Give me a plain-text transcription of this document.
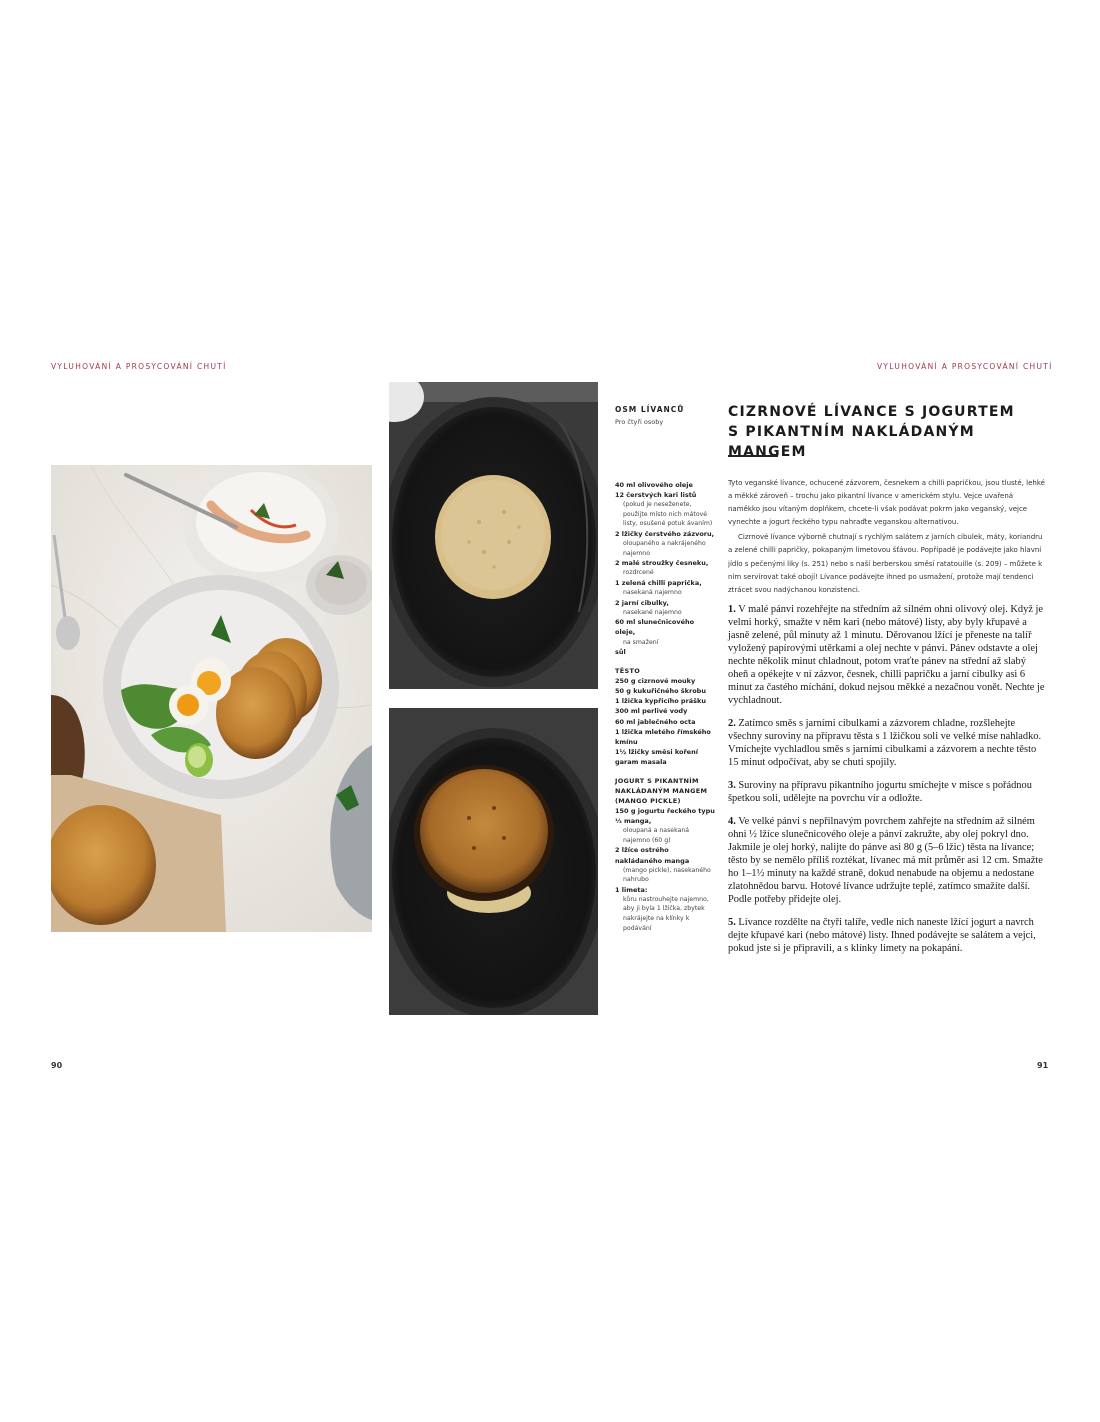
VYLUHOVÁNÍ A PROSYCOVÁNÍ CHUTÍ	VYLUHOVÁNÍ A PROSYCOVÁNÍ CHUTÍ
OSM LÍVANCŮ
Pro čtyři osoby
40 ml olivového oleje
12 čerstvých kari listů
(pokud je neseženete, použijte místo nich mátové listy, osušené potuk ávaním)
2 lžičky čerstvého zázvoru,
oloupaného a nakrájeného najemno
2 malé stroužky česneku,
rozdrcené
1 zelená chilli paprička,
nasekaná najemno
2 jarní cibulky,
nasekané najemno
60 ml slunečnicového oleje,
na smažení
sůl
TĚSTO
250 g cizrnové mouky
50 g kukuřičného škrobu
1 lžička kypřicího prášku
300 ml perlivé vody
60 ml jablečného octa
1 lžička mletého římského kmínu
1½ lžičky směsi koření garam masala
JOGURT S PIKANTNÍM NAKLÁDANÝM MANGEM (MANGO PICKLE)
150 g jogurtu řeckého typu
⅓ manga,
oloupaná a nasekaná najemno (60 g)
2 lžíce ostrého nakládaného manga
(mango pickle), nasekaného nahrubo
1 limeta:
kůru nastrouhejte najemno, aby ji byla 1 lžička, zbytek nakrájejte na klínky k podávání
CIZRNOVÉ LÍVANCE S JOGURTEM
S PIKANTNÍM NAKLÁDANÝM MANGEM

Tyto veganské lívance, ochucené zázvorem, česnekem a chilli papričkou, jsou tlusté, lehké a měkké zároveň – trochu jako pikantní lívance v americkém stylu. Vejce uvařená naměkko jsou vítaným doplňkem, chcete-li však podávat pokrm jako veganský, vejce vynechte a jogurt řeckého typu nahraďte veganskou alternativou.

Cizrnové lívance výborně chutnají s rychlým salátem z jarních cibulek, máty, koriandru a zelené chilli papričky, pokapaným limetovou šťávou. Popřípadě je podávejte jako hlavní jídlo s pečenými liky (s. 251) nebo s naší berberskou směsí ratatouille (s. 209) – můžete k nim servírovat také obojí! Lívance podávejte ihned po usmažení, protože mají tendenci ztrácet svou nadýchanou konzistenci.

1. V malé pánvi rozehřejte na středním až silném ohni olivový olej. Když je velmi horký, smažte v něm kari (nebo mátové) listy, aby byly křupavé a jasně zelené, půl minuty až 1 minutu. Děrovanou lžící je přeneste na talíř vyložený papírovými utěrkami a olej nechte v pánvi. Pánev odstavte a olej nechte několik minut chladnout, potom vraťte pánev na střední až slabý oheň a opékejte v ní zázvor, česnek, chilli papričku a jarní cibulky asi 6 minut za častého míchání, dokud nejsou měkké a nezačnou vonět. Nechte je vychladnout.

2. Zatímco směs s jarními cibulkami a zázvorem chladne, rozšlehejte všechny suroviny na přípravu těsta s 1 lžičkou soli ve velké míse nahladko. Vmíchejte vychladlou směs s jarními cibulkami a zázvorem a nechte těsto 15 minut odpočívat, aby se chuti spojily.

3. Suroviny na přípravu pikantního jogurtu smíchejte v misce s pořádnou špetkou soli, udělejte na povrchu vír a odložte.

4. Ve velké pánvi s nepřilnavým povrchem zahřejte na středním až silném ohni ½ lžíce slunečnicového oleje a pánví zakružte, aby olej pokryl dno. Jakmile je olej horký, nalijte do pánve asi 80 g (5–6 lžic) těsta na lívance; těsto by se nemělo příliš roztékat, lívanec má mít průměr asi 12 cm. Smažte ho 1–1½ minuty na každé straně, dokud nenabude na objemu a nedostane zlatohnědou barvu. Hotové lívance udržujte teplé, zatímco smažíte další. Podle potřeby přidejte olej.

5. Lívance rozdělte na čtyři talíře, vedle nich naneste lžící jogurt a navrch dejte křupavé kari (nebo mátové) listy. Ihned podávejte se salátem a vejci, pokud jste si je připravili, a s klínky limety na pokapání.

90	91
